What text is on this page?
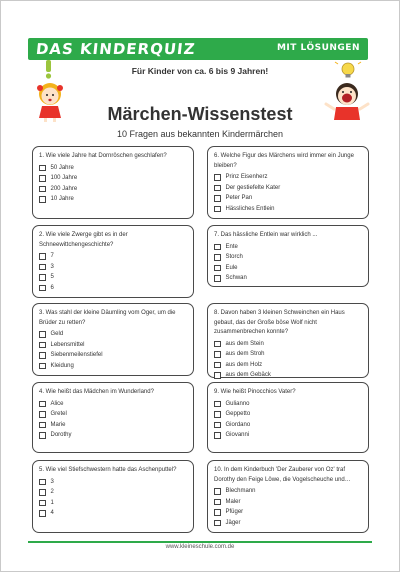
DAS KINDERQUIZ	MIT LÖSUNGEN
Für Kinder von ca. 6 bis 9 Jahren!
Märchen-Wissenstest
10 Fragen aus bekannten Kindermärchen
1. Wie viele Jahre hat Dornröschen geschlafen?
50 Jahre
100 Jahre
200 Jahre
10 Jahre
6. Welche Figur des Märchens wird immer ein Junge bleiben?
Prinz Eisenherz
Der gestiefelte Kater
Peter Pan
Hässliches Entlein
2. Wie viele Zwerge gibt es in der Schneewittchengeschichte?
7
3
5
6
7. Das hässliche Entlein war wirklich ...
Ente
Storch
Eule
Schwan
3. Was stahl der kleine Däumling vom Oger, um die Brüder zu retten?
Geld
Lebensmittel
Siebenmeilenstiefel
Kleidung
8. Davon haben 3 kleinen Schweinchen ein Haus gebaut, das der Große böse Wolf nicht zusammenbrechen konnte?
aus dem Stein
aus dem Stroh
aus dem Holz
aus dem Gebäck
4. Wie heißt das Mädchen im Wunderland?
Alice
Gretel
Marie
Dorothy
9. Wie heißt Pinocchios Vater?
Gulianno
Geppetto
Giordano
Giovanni
5. Wie viel Stiefschwestern hatte das Aschenputtel?
3
2
1
4
10. In dem Kinderbuch 'Der Zauberer von Oz' traf Dorothy den Feige Löwe, die Vogelscheuche und…
Blechmann
Maler
Pfüger
Jäger
www.kleineschule.com.de
